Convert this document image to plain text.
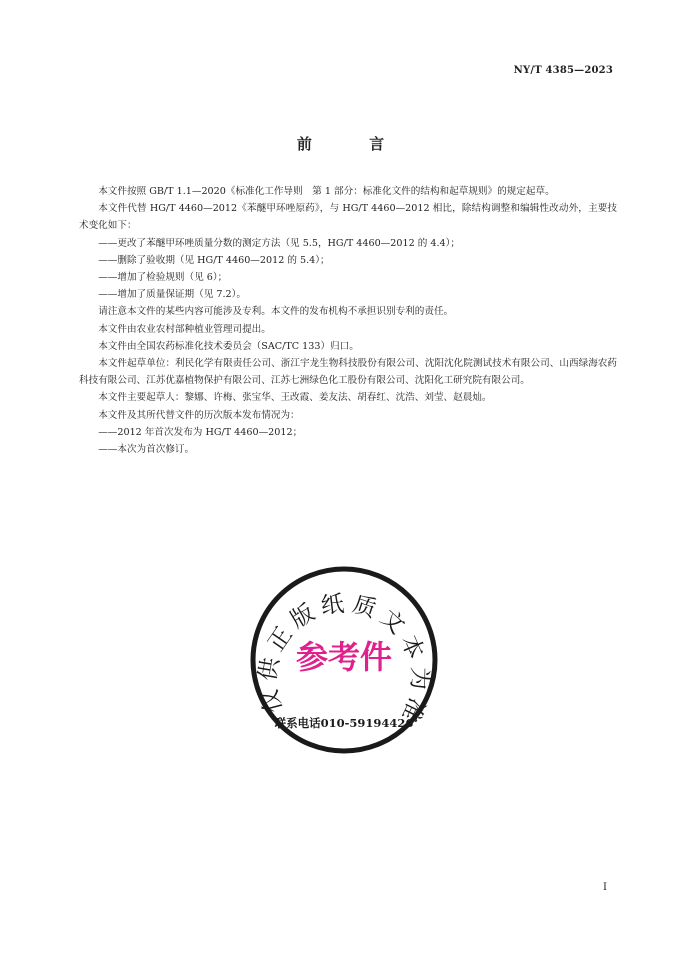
NY/T 4385—2023
前 言

本文件按照 GB/T 1.1—2020《标准化工作导则　第 1 部分：标准化文件的结构和起草规则》的规定起草。

本文件代替 HG/T 4460—2012《苯醚甲环唑原药》，与 HG/T 4460—2012 相比，除结构调整和编辑性改动外，主要技术变化如下：

——更改了苯醚甲环唑质量分数的测定方法（见 5.5，HG/T 4460—2012 的 4.4）；

——删除了验收期（见 HG/T 4460—2012 的 5.4）；

——增加了检验规则（见 6）；

——增加了质量保证期（见 7.2）。

请注意本文件的某些内容可能涉及专利。本文件的发布机构不承担识别专利的责任。

本文件由农业农村部种植业管理司提出。

本文件由全国农药标准化技术委员会（SAC/TC 133）归口。

本文件起草单位：利民化学有限责任公司、浙江宇龙生物科技股份有限公司、沈阳沈化院测试技术有限公司、山西绿海农药科技有限公司、江苏优嘉植物保护有限公司、江苏七洲绿色化工股份有限公司、沈阳化工研究院有限公司。

本文件主要起草人：黎娜、许梅、张宝华、王改霞、姜友法、胡春红、沈浩、刘莹、赵晨灿。

本文件及其所代替文件的历次版本发布情况为：

——2012 年首次发布为 HG/T 4460—2012；

——本次为首次修订。

仅供正版纸质文本为准
参考件
联系电话010-59194426
I
